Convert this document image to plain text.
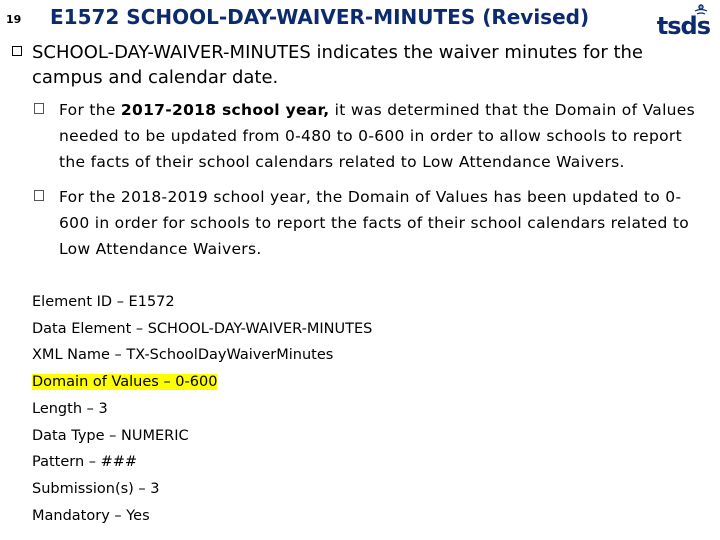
19 E1572 SCHOOL-DAY-WAIVER-MINUTES (Revised)	tsds
SCHOOL-DAY-WAIVER-MINUTES indicates the waiver minutes for the campus and calendar date.
For the 2017-2018 school year, it was determined that the Domain of Values needed to be updated from 0-480 to 0-600 in order to allow schools to report the facts of their school calendars related to Low Attendance Waivers.
For the 2018-2019 school year, the Domain of Values has been updated to 0-600 in order for schools to report the facts of their school calendars related to Low Attendance Waivers.
Element ID – E1572
Data Element – SCHOOL-DAY-WAIVER-MINUTES
XML Name – TX-SchoolDayWaiverMinutes
Domain of Values – 0-600
Length – 3
Data Type – NUMERIC
Pattern – ###
Submission(s) – 3
Mandatory – Yes
